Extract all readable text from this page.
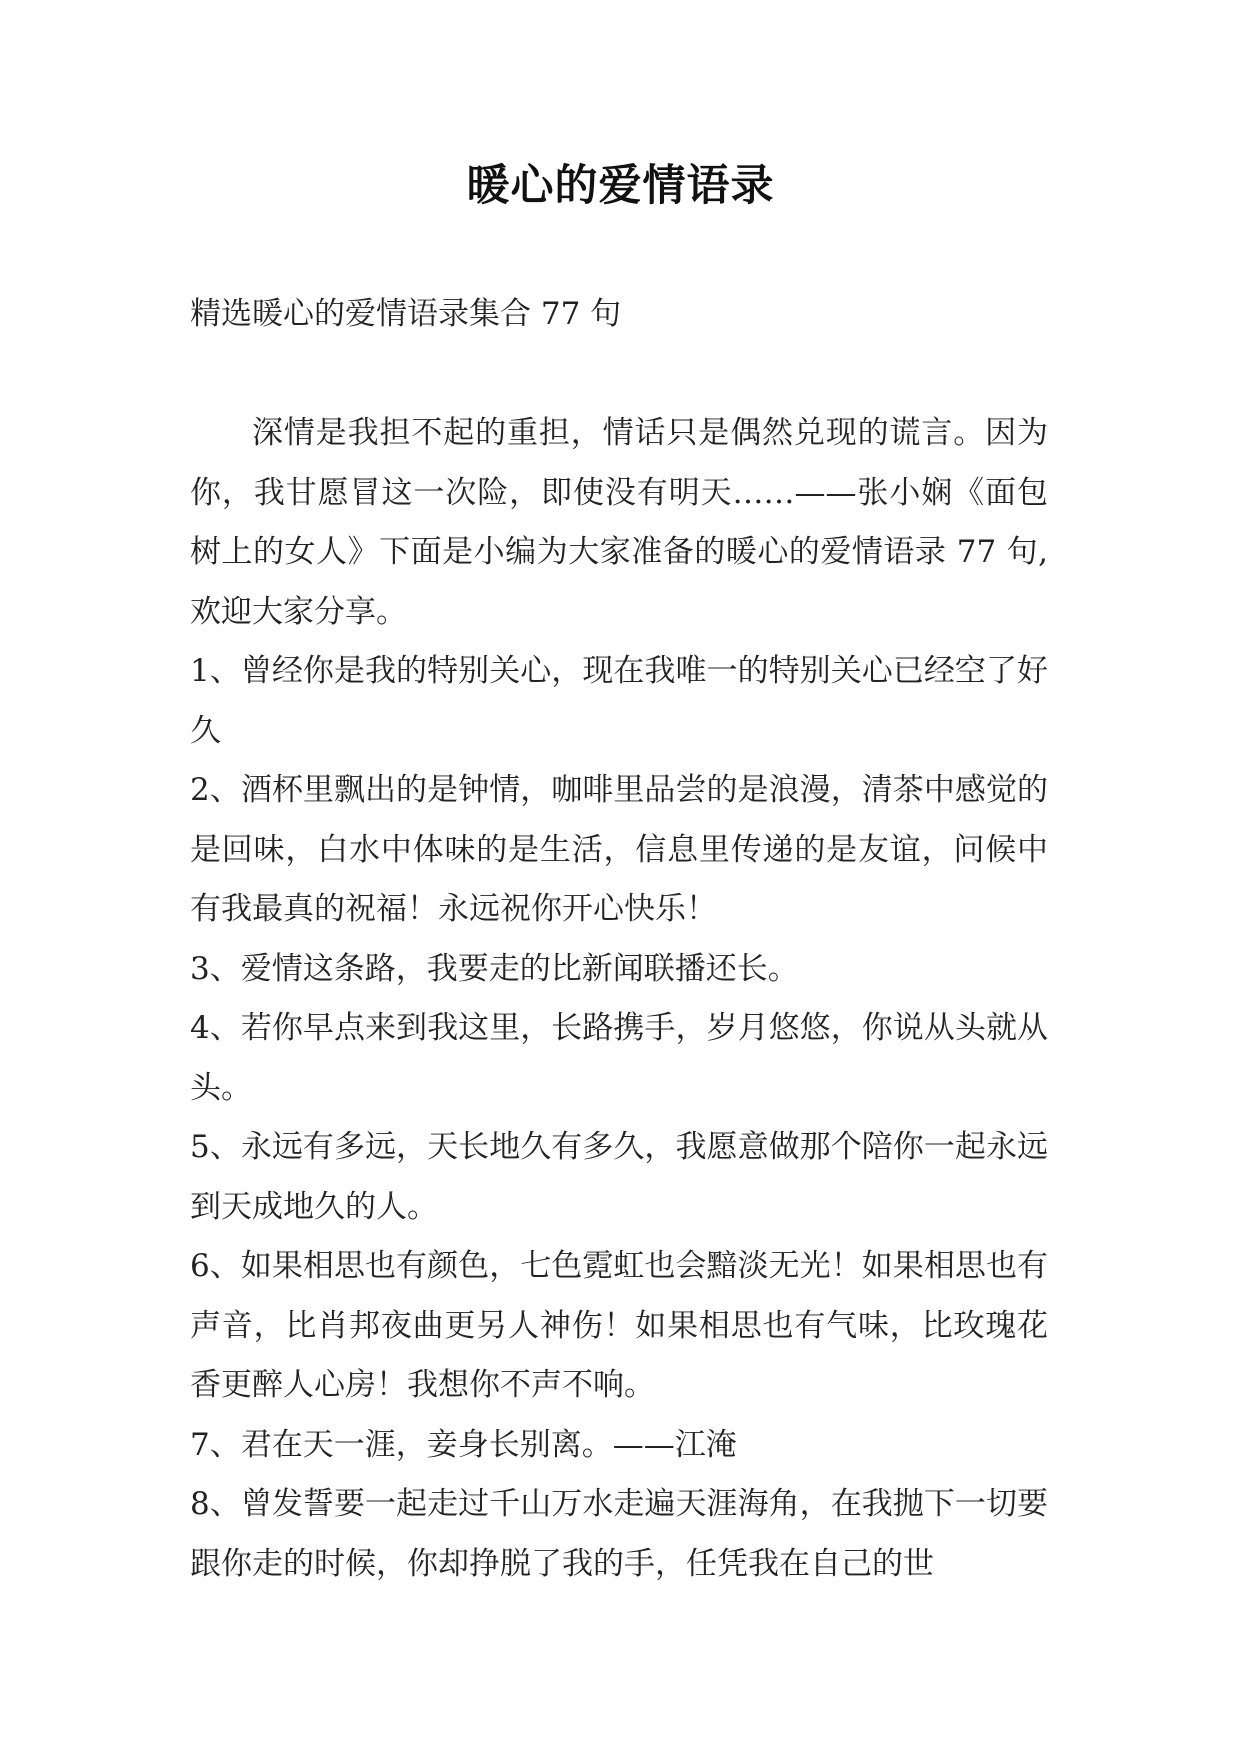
暖心的爱情语录
精选暖心的爱情语录集合 77 句

深情是我担不起的重担，情话只是偶然兑现的谎言。因为你，我甘愿冒这一次险，即使没有明天……——张小娴《面包树上的女人》下面是小编为大家准备的暖心的爱情语录 77 句,欢迎大家分享。

1、曾经你是我的特别关心，现在我唯一的特别关心已经空了好久

2、酒杯里飘出的是钟情，咖啡里品尝的是浪漫，清茶中感觉的是回味，白水中体味的是生活，信息里传递的是友谊，问候中有我最真的祝福！永远祝你开心快乐！

3、爱情这条路，我要走的比新闻联播还长。

4、若你早点来到我这里，长路携手，岁月悠悠，你说从头就从头。

5、永远有多远，天长地久有多久，我愿意做那个陪你一起永远到天成地久的人。

6、如果相思也有颜色，七色霓虹也会黯淡无光！如果相思也有声音，比肖邦夜曲更另人神伤！如果相思也有气味，比玫瑰花香更醉人心房！我想你不声不响。

7、君在天一涯，妾身长别离。——江淹

8、曾发誓要一起走过千山万水走遍天涯海角，在我抛下一切要跟你走的时候，你却挣脱了我的手，任凭我在自己的世
